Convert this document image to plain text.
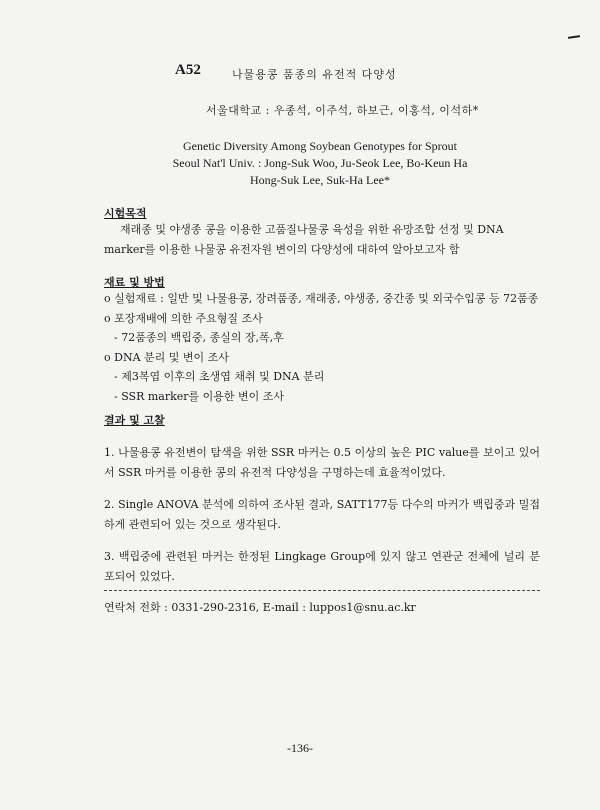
A52	나물용콩 품종의 유전적 다양성
서울대학교 : 우종석, 이주석, 하보근, 이홍석, 이석하*
Genetic Diversity Among Soybean Genotypes for Sprout
Seoul Nat'l Univ. : Jong-Suk Woo, Ju-Seok Lee, Bo-Keun Ha
Hong-Suk Lee, Suk-Ha Lee*
시험목적
재래종 및 야생종 콩을 이용한 고품질나물콩 육성을 위한 유망조합 선정 및 DNA
marker를 이용한 나물콩 유전자원 변이의 다양성에 대하여 알아보고자 함
재료 및 방법
o 실험재료 : 일반 및 나물용콩, 장려품종, 재래종, 야생종, 중간종 및 외국수입콩 등 72품종
o 포장재배에 의한 주요형질 조사
- 72품종의 백립중, 종실의 장,폭,후
o DNA 분리 및 변이 조사
- 제3복엽 이후의 초생엽 채취 및 DNA 분리
- SSR marker를 이용한 변이 조사
결과 및 고찰
1. 나물용콩 유전변이 탐색을 위한 SSR 마커는 0.5 이상의 높은 PIC value를 보이고 있어서 SSR 마커를 이용한 콩의 유전적 다양성을 구명하는데 효율적이었다.
2. Single ANOVA 분석에 의하여 조사된 결과, SATT177등 다수의 마커가 백립중과 밀접하게 관련되어 있는 것으로 생각된다.
3. 백립중에 관련된 마커는 한정된 Lingkage Group에 있지 않고 연관군 전체에 널리 분포되어 있었다.
연락처 전화 : 0331-290-2316, E-mail : luppos1@snu.ac.kr
-136-
